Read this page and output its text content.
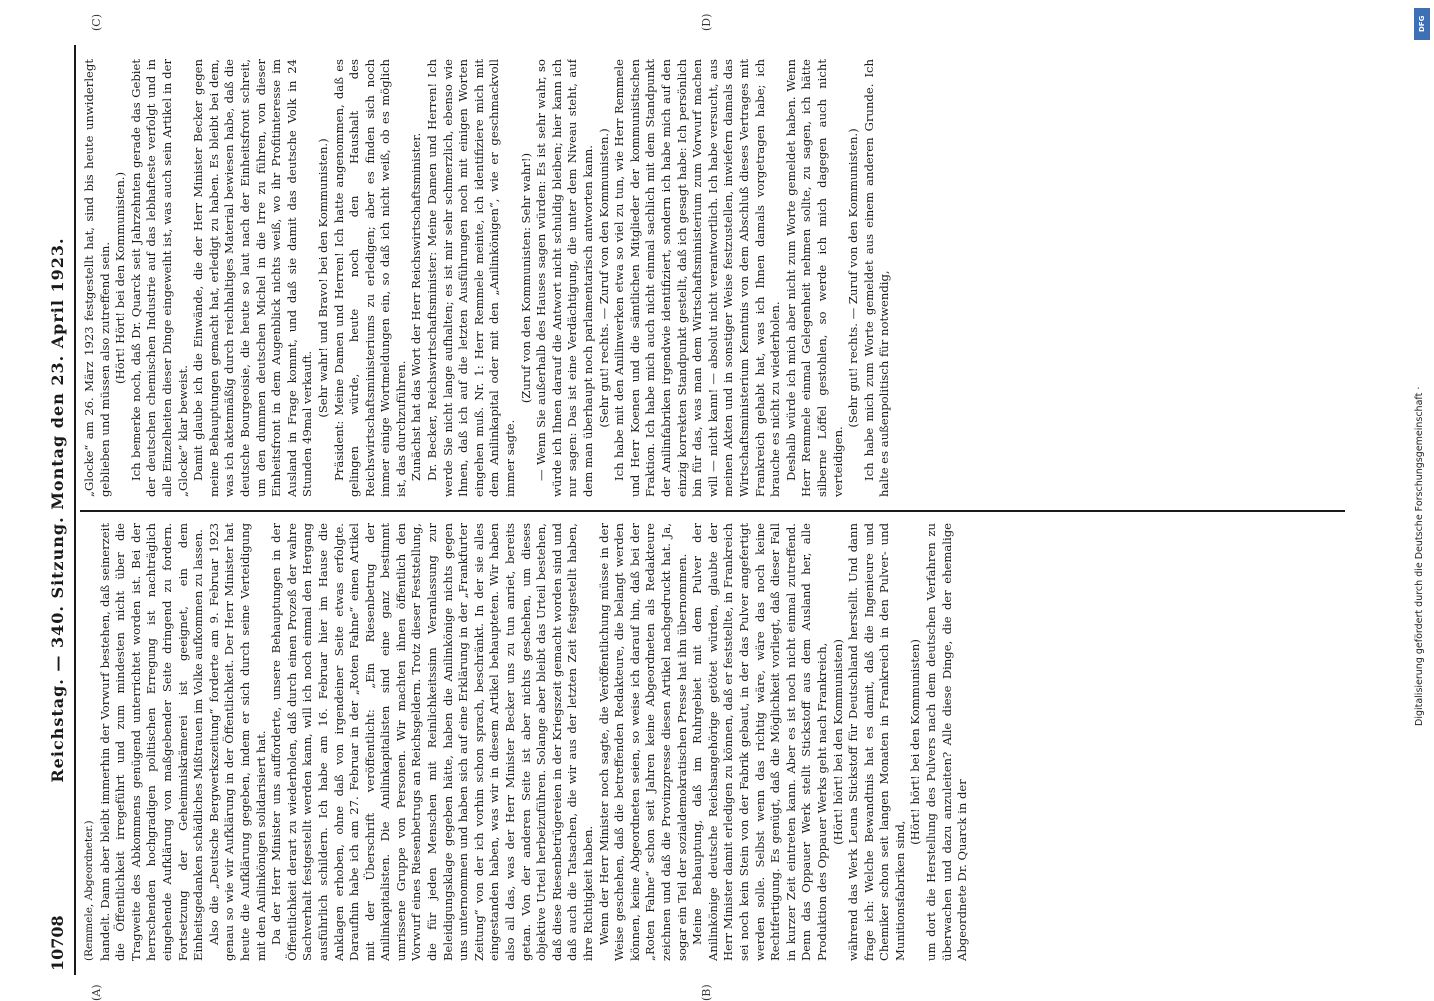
10708
Reichstag. — 340. Sitzung. Montag den 23. April 1923.
(A)	(B)
(C)	(D)

(Remmele, Abgeordneter.) handelt. Dann aber bleibt immerhin der Vorwurf bestehen, daß seinerzeit die Öffentlichkeit irregeführt und zum mindesten nicht über die Tragweite des Abkommens genügend unterrichtet worden ist. Bei der herrschenden hochgradigen politischen Erregung ist nachträglich eingehende Aufklärung von maßgebender Seite dringend zu fordern. Fortsetzung der Geheimniskrämerei ist geeignet, ein dem Einheitsgedanken schädliches Mißtrauen im Volke aufkommen zu lassen. Also die „Deutsche Bergwerkszeitung“ forderte am 9. Februar 1923 genau so wie wir Aufklärung in der Öffentlichkeit. Der Herr Minister hat heute die Aufklärung gegeben, indem er sich durch seine Verteidigung mit den Anilinkönigen solidarisiert hat. Da der Herr Minister uns aufforderte, unsere Behauptungen in der Öffentlichkeit derart zu wiederholen, daß durch einen Prozeß der wahre Sachverhalt festgestellt werden kann, will ich noch einmal den Hergang ausführlich schildern. Ich habe am 16. Februar hier im Hause die Anklagen erhoben, ohne daß von irgendeiner Seite etwas erfolgte. Daraufhin habe ich am 27. Februar in der „Roten Fahne“ einen Artikel mit der Überschrift veröffentlicht: „Ein Riesenbetrug der Anilinkapitalisten. Die Anilinkapitalisten sind eine ganz bestimmt umrissene Gruppe von Personen. Wir machten ihnen öffentlich den Vorwurf eines Riesenbetrugs an Reichsgeldern. Trotz dieser Feststellung, die für jeden Menschen mit Reinlichkeitssinn Veranlassung zur Beleidigungsklage gegeben hätte, haben die Anilinkönige nichts gegen uns unternommen und haben sich auf eine Erklärung in der „Frankfurter Zeitung“ von der ich vorhin schon sprach, beschränkt. In der sie alles eingestanden haben, was wir in diesem Artikel behaupteten. Wir haben also all das, was der Herr Minister Becker uns zu tun anriet, bereits getan. Von der anderen Seite ist aber nichts geschehen, um dieses objektive Urteil herbeizuführen. Solange aber bleibt das Urteil bestehen, daß diese Riesenbetrügereien in der Kriegszeit gemacht worden sind und daß auch die Tatsachen, die wir aus der letzten Zeit festgestellt haben, ihre Richtigkeit haben. Wenn der Herr Minister noch sagte, die Veröffentlichung müsse in der Weise geschehen, daß die betreffenden Redakteure, die belangt werden können, keine Abgeordneten seien, so weise ich darauf hin, daß bei der „Roten Fahne“ schon seit Jahren keine Abgeordneten als Redakteure zeichnen und daß die Provinzpresse diesen Artikel nachgedruckt hat. Ja, sogar ein Teil der sozialdemokratischen Presse hat ihn übernommen. Meine Behauptung, daß im Ruhrgebiet mit dem Pulver der Anilinkönige deutsche Reichsangehörige getötet würden, glaubte der Herr Minister damit erledigen zu können, daß er feststellte, in Frankreich sei noch kein Stein von der Fabrik gebaut, in der das Pulver angefertigt werden solle. Selbst wenn das richtig wäre, wäre das noch keine Rechtfertigung. Es genügt, daß die Möglichkeit vorliegt, daß dieser Fall in kurzer Zeit eintreten kann. Aber es ist noch nicht einmal zutreffend. Denn das Oppauer Werk stellt Stickstoff aus dem Ausland her, alle Produktion des Oppauer Werks geht nach Frankreich, (Hört! hört! bei den Kommunisten) während das Werk Leuna Stickstoff für Deutschland herstellt. Und dann frage ich: Welche Bewandtnis hat es damit, daß die Ingenieure und Chemiker schon seit langen Monaten in Frankreich in den Pulver- und Munitionsfabriken sind,

(Hört! hört! bei den Kommunisten) um dort die Herstellung des Pulvers nach dem deutschen Verfahren zu überwachen und dazu anzuleiten? Alle diese Dinge, die der ehemalige Abgeordnete Dr. Quarck in der

„Glocke“ am 26. März 1923 festgestellt hat, sind bis heute unwiderlegt geblieben und müssen also zutreffend sein. (Hört! Hört! bei den Kommunisten.) Ich bemerke noch, daß Dr. Quarck seit Jahrzehnten gerade das Gebiet der deutschen chemischen Industrie auf das lebhafteste verfolgt und in alle Einzelheiten dieser Dinge eingeweiht ist, was auch sein Artikel in der „Glocke“ klar beweist. Damit glaube ich die Einwände, die der Herr Minister Becker gegen meine Behauptungen gemacht hat, erledigt zu haben. Es bleibt bei dem, was ich aktenmäßig durch reichhaltiges Material bewiesen habe, daß die deutsche Bourgeoisie, die heute so laut nach der Einheitsfront schreit, um den dummen deutschen Michel in die Irre zu führen, von dieser Einheitsfront in dem Augenblick nichts weiß, wo ihr Profitinteresse im Ausland in Frage kommt, und daß sie damit das deutsche Volk in 24 Stunden 49mal verkauft.

(Sehr wahr! und Bravo! bei den Kommunisten.) Präsident: Meine Damen und Herren! Ich hatte angenommen, daß es gelingen würde, heute noch den Haushalt des Reichswirtschaftsministeriums zu erledigen; aber es finden sich noch immer einige Wortmeldungen ein, so daß ich nicht weiß, ob es möglich ist, das durchzuführen. Zunächst hat das Wort der Herr Reichswirtschaftsminister. Dr. Becker, Reichswirtschaftsminister: Meine Damen und Herren! Ich werde Sie nicht lange aufhalten; es ist mir sehr schmerzlich, ebenso wie Ihnen, daß ich auf die letzten Ausführungen noch mit einigen Worten eingehen muß. Nr. 1: Herr Remmele meinte, ich identifiziere mich mit dem Anilinkapital oder mit den „Anilinkönigen“, wie er geschmackvoll immer sagte.

(Zuruf von den Kommunisten: Sehr wahr!) — Wenn Sie außerhalb des Hauses sagen würden: Es ist sehr wahr, so würde ich Ihnen darauf die Antwort nicht schuldig bleiben; hier kann ich nur sagen: Das ist eine Verdächtigung, die unter dem Niveau steht, auf dem man überhaupt noch parlamentarisch antworten kann. (Sehr gut! rechts. — Zuruf von den Kommunisten.) Ich habe mit den Anilinwerken etwa so viel zu tun, wie Herr Remmele und Herr Koenen und die sämtlichen Mitglieder der kommunistischen Fraktion. Ich habe mich auch nicht einmal sachlich mit dem Standpunkt der Anilinfabriken irgendwie identifiziert, sondern ich habe mich auf den einzig korrekten Standpunkt gestellt, daß ich gesagt habe: Ich persönlich bin für das, was man dem Wirtschaftsministerium zum Vorwurf machen will — nicht kann! — absolut nicht verantwortlich. Ich habe versucht, aus meinen Akten und in sonstiger Weise festzustellen, inwiefern damals das Wirtschaftsministerium Kenntnis von dem Abschluß dieses Vertrages mit Frankreich gehabt hat, was ich Ihnen damals vorgetragen habe; ich brauche es nicht zu wiederholen. Deshalb würde ich mich aber nicht zum Worte gemeldet haben. Wenn Herr Remmele einmal Gelegenheit nehmen sollte, zu sagen, ich hätte silberne Löffel gestohlen, so werde ich mich dagegen auch nicht verteidigen.

(Sehr gut! rechts. — Zuruf von den Kommunisten.) Ich habe mich zum Worte gemeldet aus einem anderen Grunde. Ich halte es außenpolitisch für notwendig,

DFG
Digitalisierung gefördert durch die Deutsche Forschungsgemeinschaft ·
